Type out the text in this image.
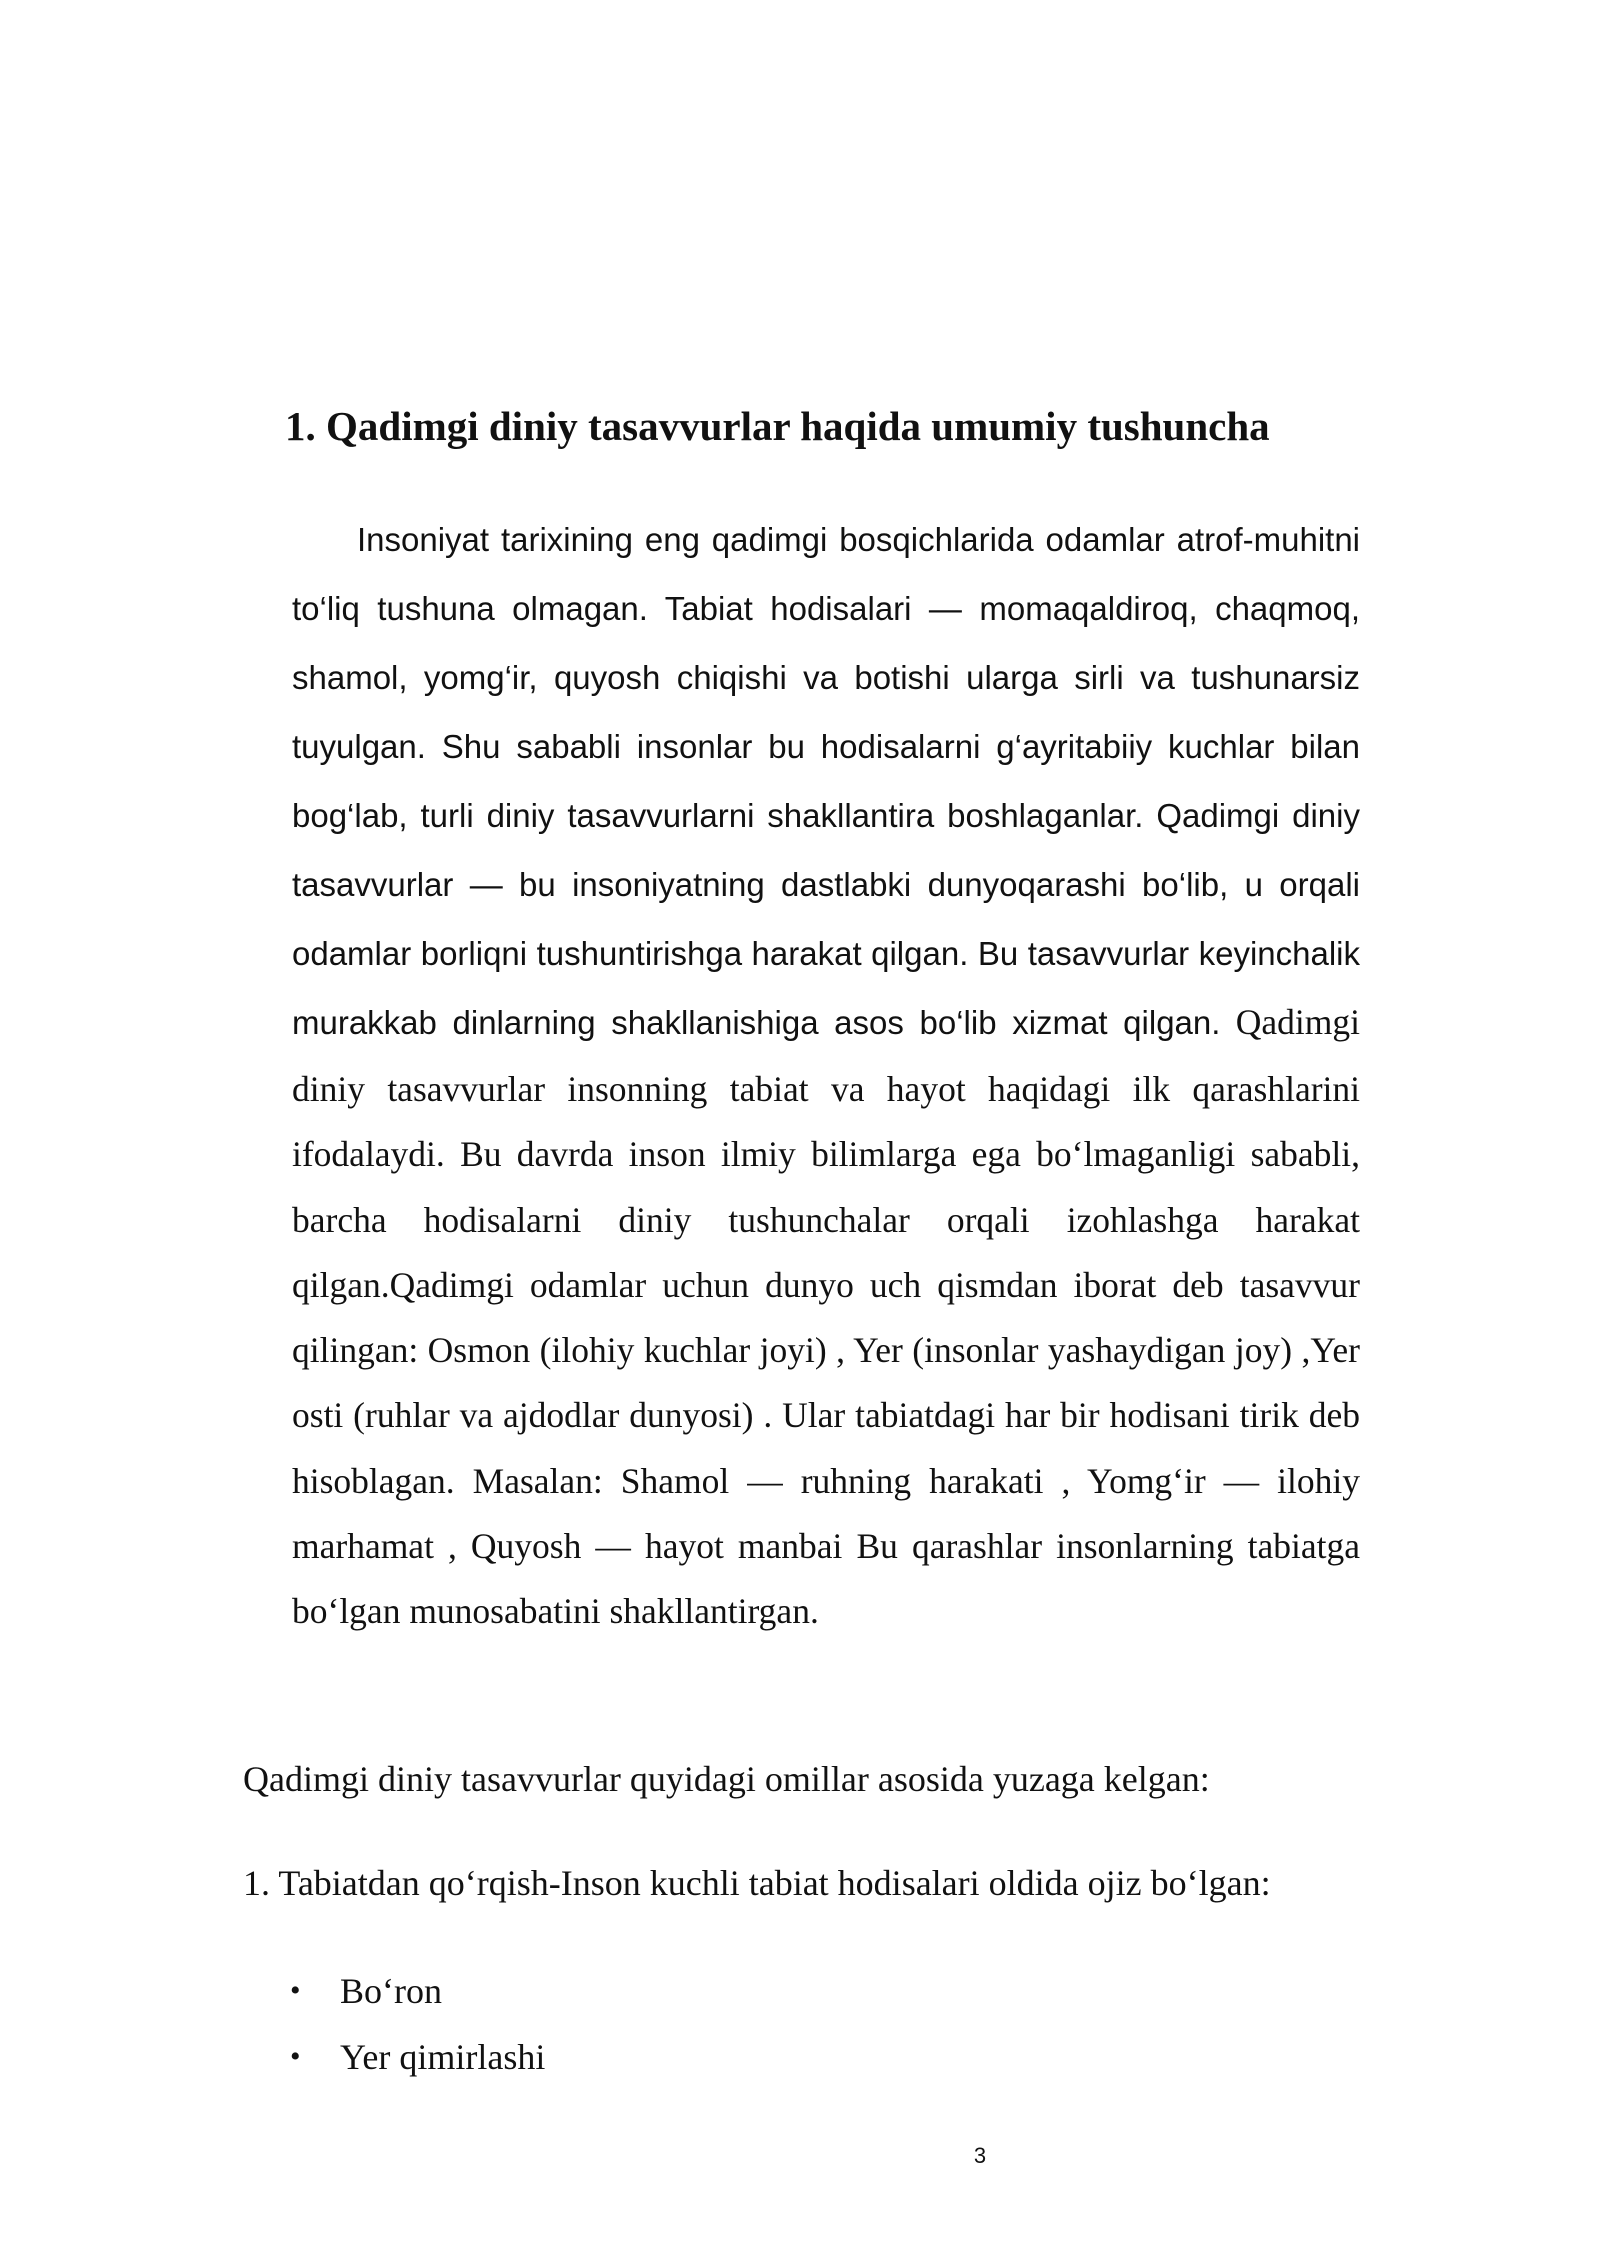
1. Qadimgi diniy tasavvurlar haqida umumiy tushuncha

Insoniyat tarixining eng qadimgi bosqichlarida odamlar atrof-muhitni to‘liq tushuna olmagan. Tabiat hodisalari — momaqaldiroq, chaqmoq, shamol, yomg‘ir, quyosh chiqishi va botishi ularga sirli va tushunarsiz tuyulgan. Shu sababli insonlar bu hodisalarni g‘ayritabiiy kuchlar bilan bog‘lab, turli diniy tasavvurlarni shakllantira boshlaganlar. Qadimgi diniy tasavvurlar — bu insoniyatning dastlabki dunyoqarashi bo‘lib, u orqali odamlar borliqni tushuntirishga harakat qilgan. Bu tasavvurlar keyinchalik murakkab dinlarning shakllanishiga asos bo‘lib xizmat qilgan. Qadimgi diniy tasavvurlar insonning tabiat va hayot haqidagi ilk qarashlarini ifodalaydi. Bu davrda inson ilmiy bilimlarga ega bo‘lmaganligi sababli, barcha hodisalarni diniy tushunchalar orqali izohlashga harakat qilgan.Qadimgi odamlar uchun dunyo uch qismdan iborat deb tasavvur qilingan: Osmon (ilohiy kuchlar joyi) , Yer (insonlar yashaydigan joy) ,Yer osti (ruhlar va ajdodlar dunyosi) . Ular tabiatdagi har bir hodisani tirik deb hisoblagan. Masalan: Shamol — ruhning harakati , Yomg‘ir — ilohiy marhamat , Quyosh — hayot manbai Bu qarashlar insonlarning tabiatga bo‘lgan munosabatini shakllantirgan.

Qadimgi diniy tasavvurlar quyidagi omillar asosida yuzaga kelgan:

1. Tabiatdan qo‘rqish-Inson kuchli tabiat hodisalari oldida ojiz bo‘lgan:

• Bo‘ron
• Yer qimirlashi
3
